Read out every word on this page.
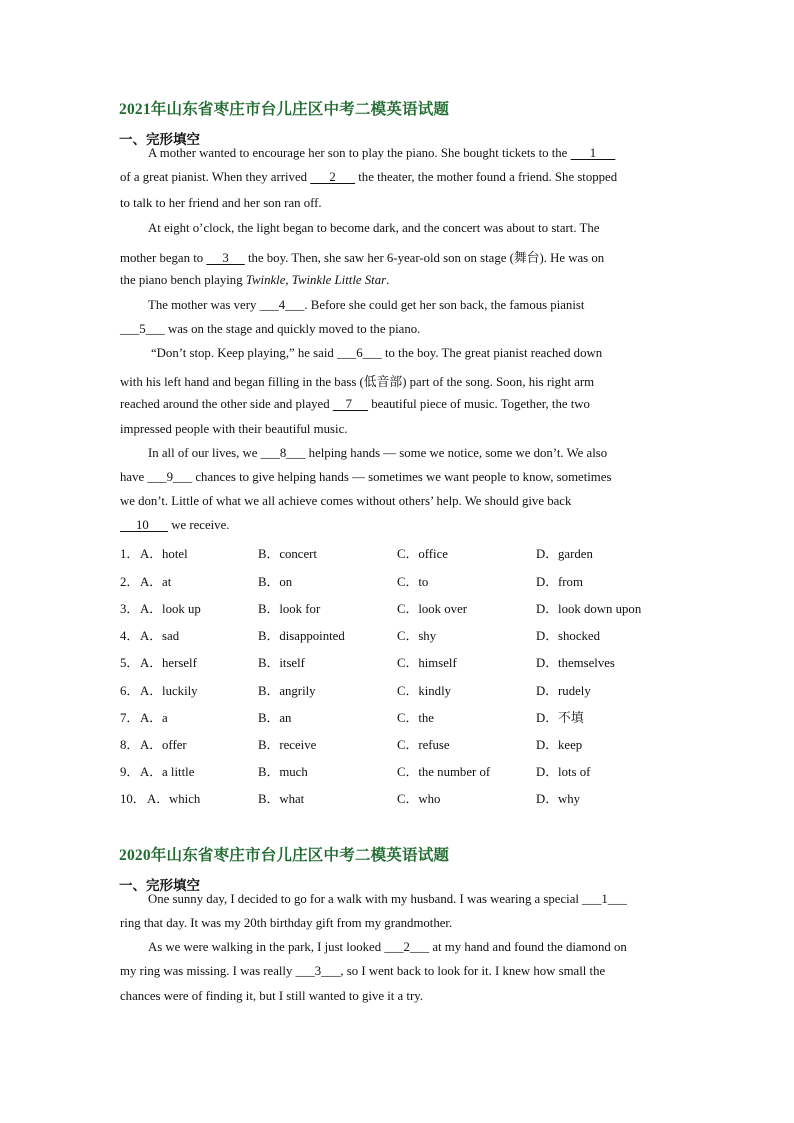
2021年山东省枣庄市台儿庄区中考二模英语试题
一、完形填空
A mother wanted to encourage her son to play the piano. She bought tickets to the       1
of a great pianist. When they arrived       2       the theater, the mother found a friend. She stopped
to talk to her friend and her son ran off.
At eight o’clock, the light began to become dark, and the concert was about to start. The
mother began to      3      the boy. Then, she saw her 6-year-old son on stage (舞台). He was on
the piano bench playing Twinkle, Twinkle Little Star.
The mother was very ___4___. Before she could get her son back, the famous pianist
___5___ was on the stage and quickly moved to the piano.
“Don’t stop. Keep playing,” he said ___6___ to the boy. The great pianist reached down
with his left hand and began filling in the bass (低音部) part of the song. Soon, his right arm
reached around the other side and played     7      beautiful piece of music. Together, the two
impressed people with their beautiful music.
In all of our lives, we ___8___ helping hands — some we notice, some we don’t. We also
have ___9___ chances to give helping hands — sometimes we want people to know, sometimes
we don’t. Little of what we all achieve comes without others’ help. We should give back
10       we receive.
1． A．hotel	B．concert	C．office	D．garden
2． A．at	B．on	C．to	D．from
3． A．look up	B．look for	C．look over	D．look down upon
4． A．sad	B．disappointed	C．shy	D．shocked
5． A．herself	B．itself	C．himself	D．themselves
6． A．luckily	B．angrily	C．kindly	D．rudely
7． A．a	B．an	C．the	D．不填
8． A．offer	B．receive	C．refuse	D．keep
9． A．a little	B．much	C．the number of	D．lots of
10． A．which	B．what	C．who	D．why
2020年山东省枣庄市台儿庄区中考二模英语试题
一、完形填空
One sunny day, I decided to go for a walk with my husband. I was wearing a special ___1___
ring that day. It was my 20th birthday gift from my grandmother.
As we were walking in the park, I just looked ___2___ at my hand and found the diamond on
my ring was missing. I was really ___3___, so I went back to look for it. I knew how small the
chances were of finding it, but I still wanted to give it a try.
